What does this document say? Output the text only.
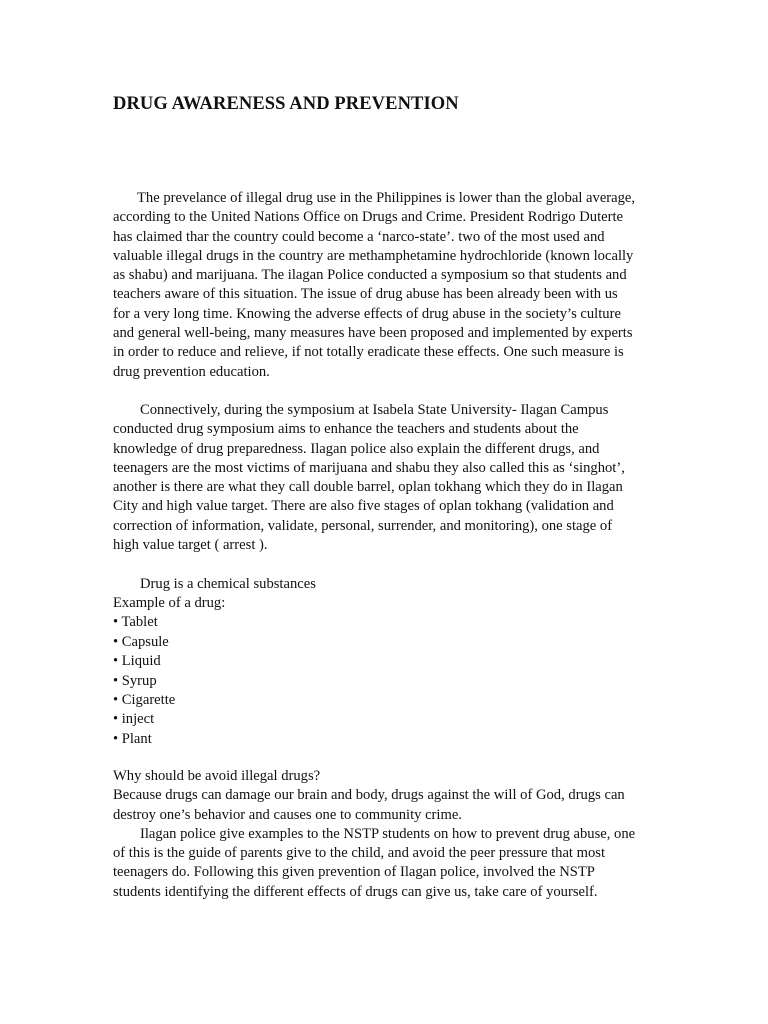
DRUG AWARENESS AND PREVENTION

The prevelance of illegal drug use in the Philippines is lower than the global average,
according to the United Nations Office on Drugs and Crime. President Rodrigo Duterte
has claimed thar the country could become a ‘narco-state’. two of the most used and
valuable illegal drugs in the country are methamphetamine hydrochloride (known locally
as shabu) and marijuana. The ilagan Police conducted a symposium so that students and
teachers aware of this situation. The issue of drug abuse has been already been with us
for a very long time. Knowing the adverse effects of drug abuse in the society’s culture
and general well-being, many measures have been proposed and implemented by experts
in order to reduce and relieve, if not totally eradicate these effects. One such measure is
drug prevention education.

Connectively, during the symposium at Isabela State University- Ilagan Campus
conducted drug symposium aims to enhance the teachers and students about the
knowledge of drug preparedness. Ilagan police also explain the different drugs, and
teenagers are the most victims of marijuana and shabu they also called this as ‘singhot’,
another is there are what they call double barrel, oplan tokhang which they do in Ilagan
City and high value target. There are also five stages of oplan tokhang (validation and
correction of information, validate, personal, surrender, and monitoring), one stage of
high value target ( arrest ).

Drug is a chemical substances

Example of a drug:
• Tablet
• Capsule
• Liquid
• Syrup
• Cigarette
• inject
• Plant

Why should be avoid illegal drugs?
Because drugs can damage our brain and body, drugs against the will of God, drugs can
destroy one’s behavior and causes one to community crime.
Ilagan police give examples to the NSTP students on how to prevent drug abuse, one
of this is the guide of parents give to the child, and avoid the peer pressure that most
teenagers do. Following this given prevention of Ilagan police, involved the NSTP
students identifying the different effects of drugs can give us, take care of yourself.
